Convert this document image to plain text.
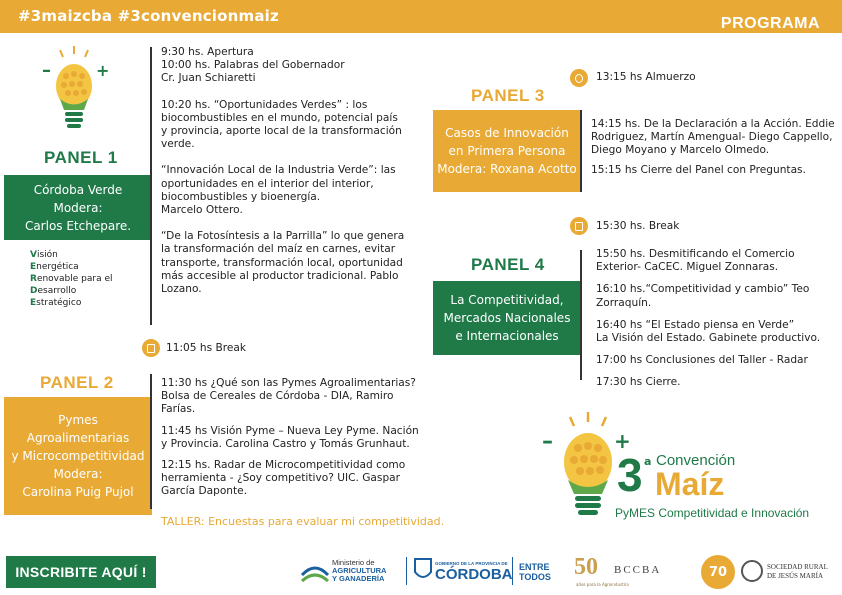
#3maizcba #3convencionmaiz	PROGRAMA
–	+
PANEL 1
Córdoba Verde
Modera:
Carlos Etchepare.
Visión
Energética
Renovable para el
Desarrollo
Estratégico

9:30 hs. Apertura
10:00 hs. Palabras del Gobernador
Cr. Juan Schiaretti

10:20 hs. “Oportunidades Verdes” : los
biocombustibles en el mundo, potencial país
y provincia, aporte local de la transformación
verde.

“Innovación Local de la Industria Verde”: las
oportunidades en el interior del interior,
biocombustibles y bioenergía.
Marcelo Ottero.

“De la Fotosíntesis a la Parrilla” lo que genera
la transformación del maíz en carnes, evitar
transporte, transformación local, oportunidad
más accesible al productor tradicional. Pablo
Lozano.

11:05 hs Break
PANEL 2
Pymes
Agroalimentarias
y Microcompetitividad
Modera:
Carolina Puig Pujol

11:30 hs ¿Qué son las Pymes Agroalimentarias?
Bolsa de Cereales de Córdoba - DIA, Ramiro
Farías.

11:45 hs Visión Pyme – Nueva Ley Pyme. Nación
y Provincia. Carolina Castro y Tomás Grunhaut.

12:15 hs. Radar de Microcompetitividad como
herramienta - ¿Soy competitivo? UIC. Gaspar
García Daponte.

TALLER: Encuestas para evaluar mi competitividad.
13:15 hs Almuerzo
PANEL 3
Casos de Innovación
en Primera Persona
Modera: Roxana Acotto

14:15 hs. De la Declaración a la Acción. Eddie
Rodriguez, Martín Amengual- Diego Cappello,
Diego Moyano y Marcelo Olmedo.

15:15 hs Cierre del Panel con Preguntas.

15:30 hs. Break
PANEL 4
La Competitividad,
Mercados Nacionales
e Internacionales

15:50 hs. Desmitificando el Comercio
Exterior- CaCEC. Miguel Zonnaras.

16:10 hs.“Competitividad y cambio” Teo
Zorraquín.

16:40 hs “El Estado piensa en Verde”
La Visión del Estado. Gabinete productivo.

17:00 hs Conclusiones del Taller - Radar

17:30 hs Cierre.

–	+
3 a Convención
Maíz
PyMES Competitividad e Innovación
INSCRIBITE AQUÍ !
Ministerio de
AGRICULTURA
Y GANADERÍA
GOBIERNO DE LA PROVINCIA DE
CÓRDOBA ENTRE
TODOS 50
años para la Agroindustria
BCCBA	70	SOCIEDAD RURAL
DE JESÚS MARÍA
